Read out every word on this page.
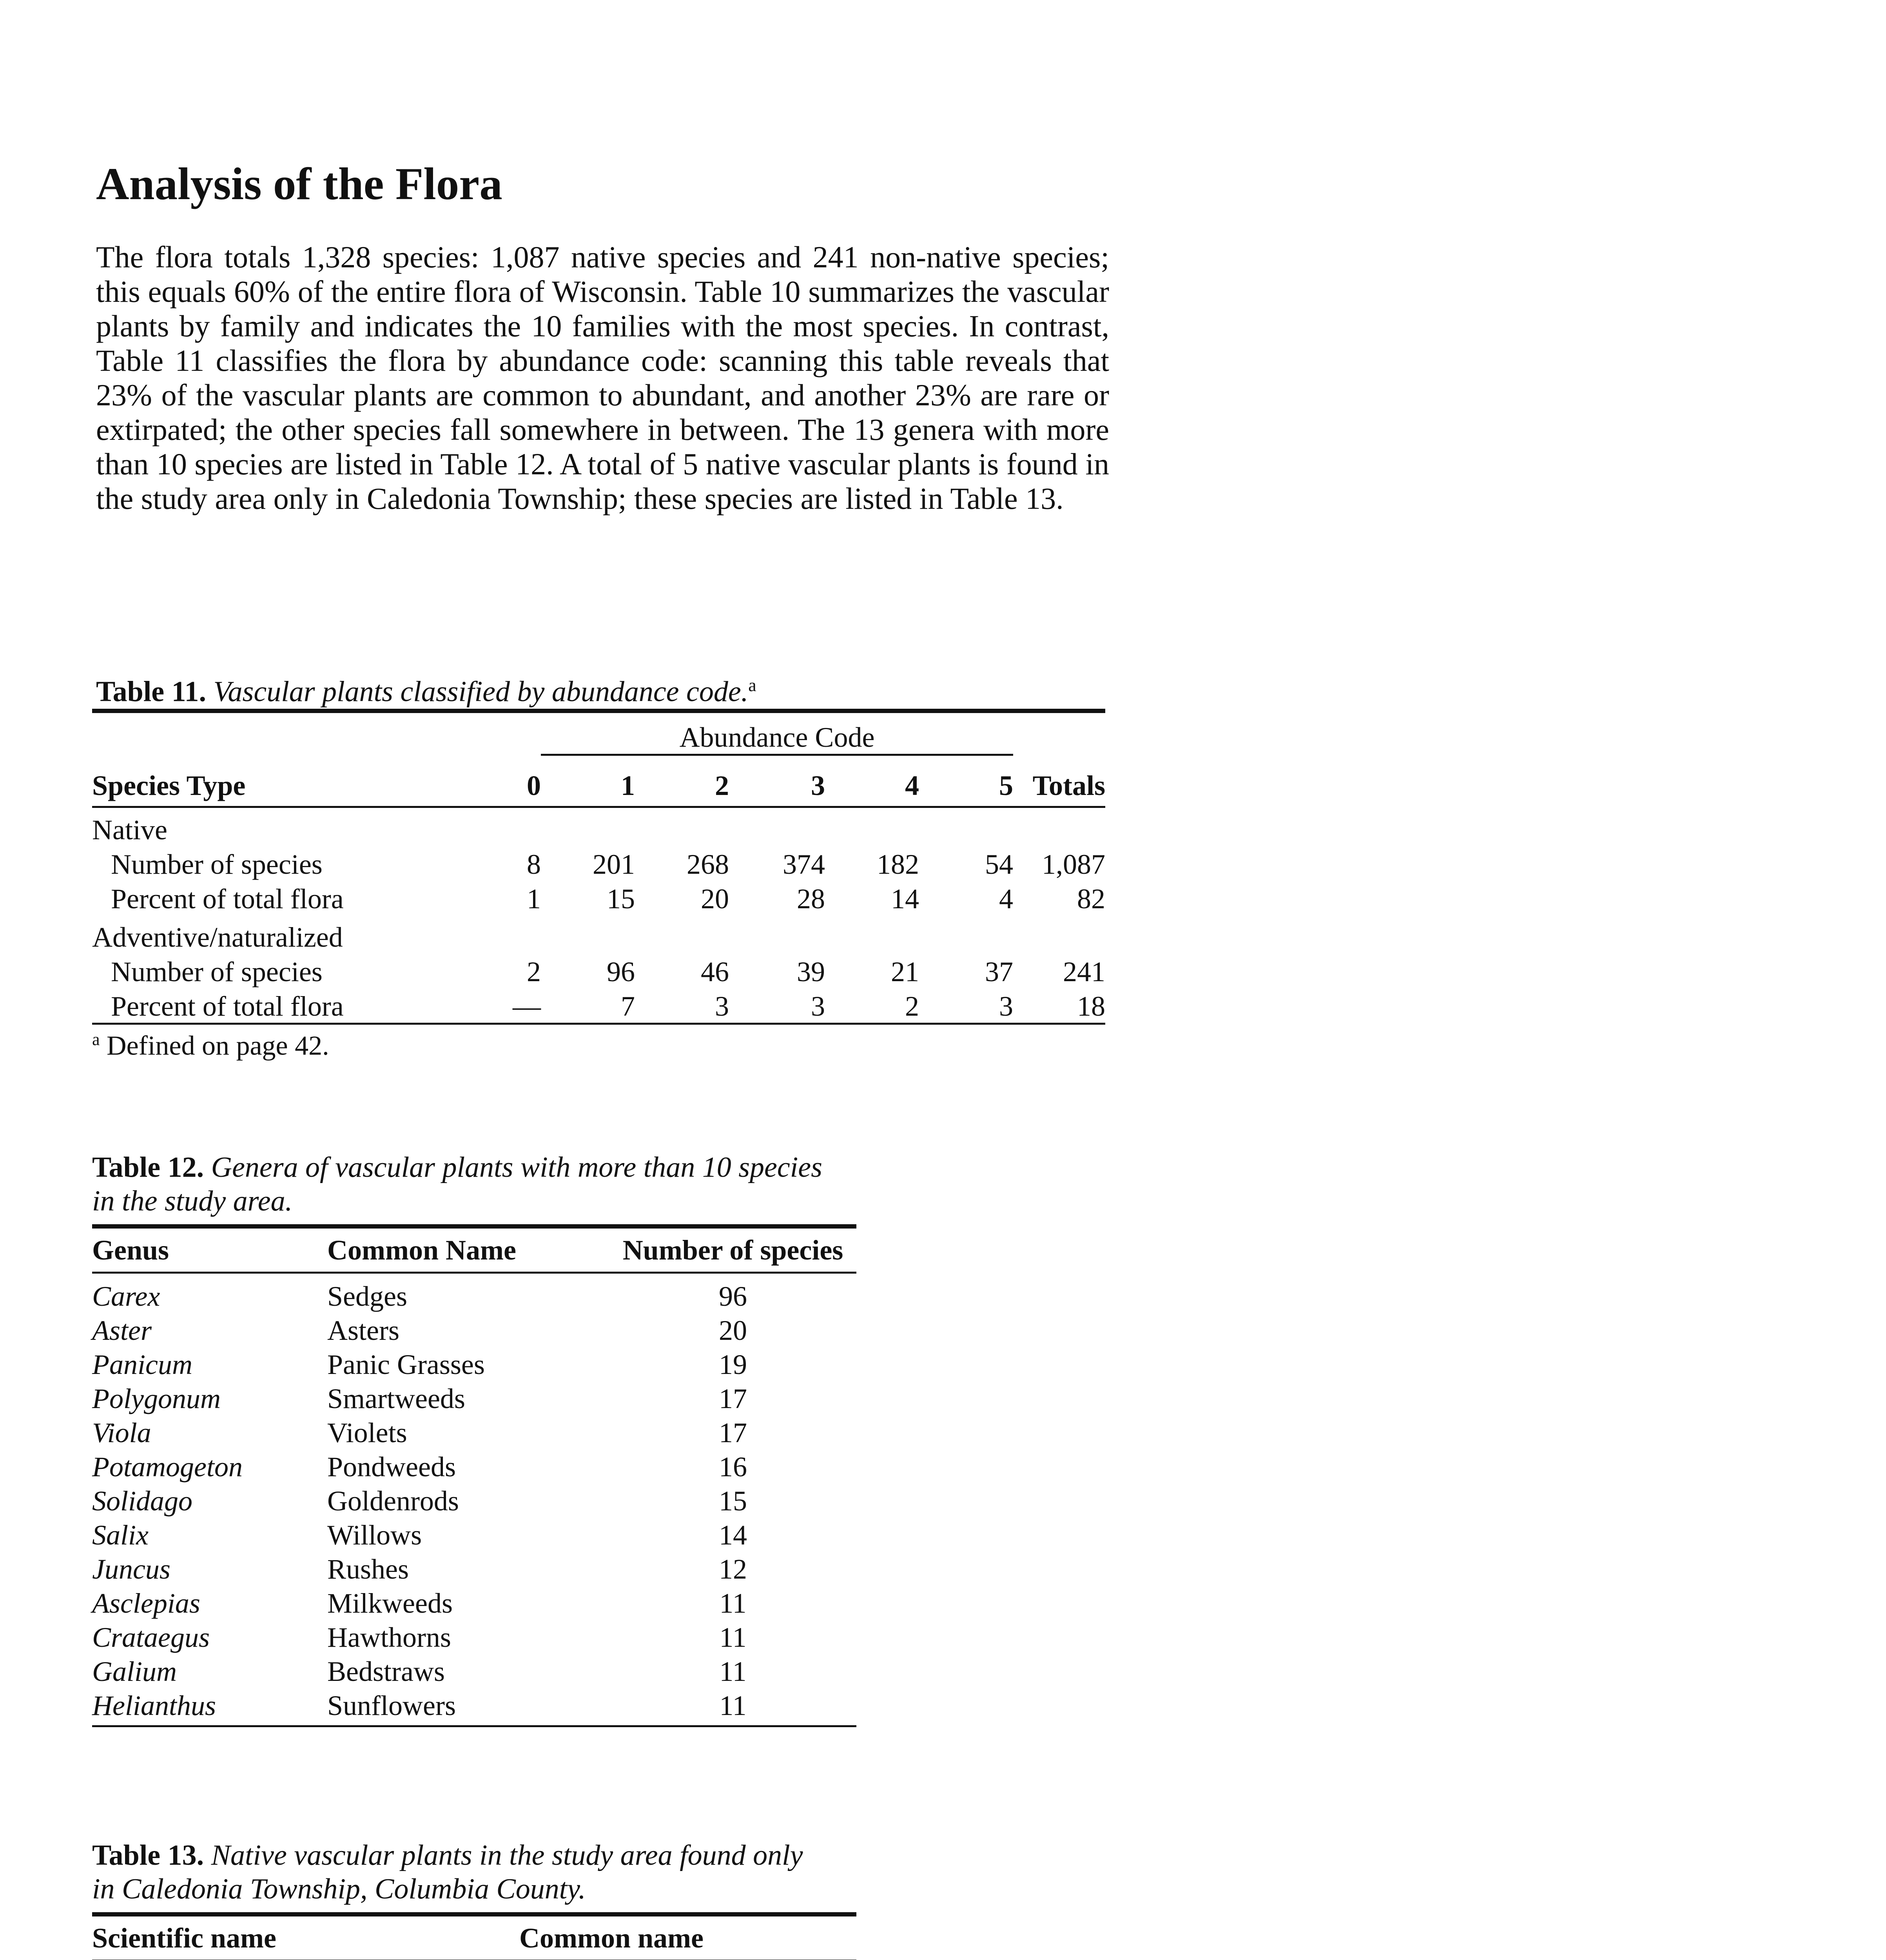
Analysis of the Flora

The flora totals 1,328 species: 1,087 native species and 241 non-native species; this equals 60% of the entire flora of Wisconsin. Table 10 summarizes the vascular plants by family and indicates the 10 families with the most species. In contrast, Table 11 classifies the flora by abundance code: scanning this table reveals that 23% of the vascular plants are common to abundant, and another 23% are rare or extirpated; the other species fall somewhere in between. The 13 genera with more than 10 species are listed in Table 12. A total of 5 native vascular plants is found in the study area only in Caledonia Township; these species are listed in Table 13.

Table 11. Vascular plants classified by abundance code.$^a$
		Abundance Code					
Species Type	0	1	2	3	4	5	Totals
Native							
Number of species	8	201	268	374	182	54	1,087
Percent of total flora	1	15	20	28	14	4	82
Adventive/naturalized							
Number of species	2	96	46	39	21	37	241
Percent of total flora	—	7	3	3	2	3	18
$^a$ Defined on page 42.
Table 12. Genera of vascular plants with more than 10 species
in the study area.
Genus	Common Name	Number of species
Carex	Sedges	96
Aster	Asters	20
Panicum	Panic Grasses	19
Polygonum	Smartweeds	17
Viola	Violets	17
Potamogeton	Pondweeds	16
Solidago	Goldenrods	15
Salix	Willows	14
Juncus	Rushes	12
Asclepias	Milkweeds	11
Crataegus	Hawthorns	11
Galium	Bedstraws	11
Helianthus	Sunflowers	11
Table 13. Native vascular plants in the study area found only
in Caledonia Township, Columbia County.
Scientific name	Common name
